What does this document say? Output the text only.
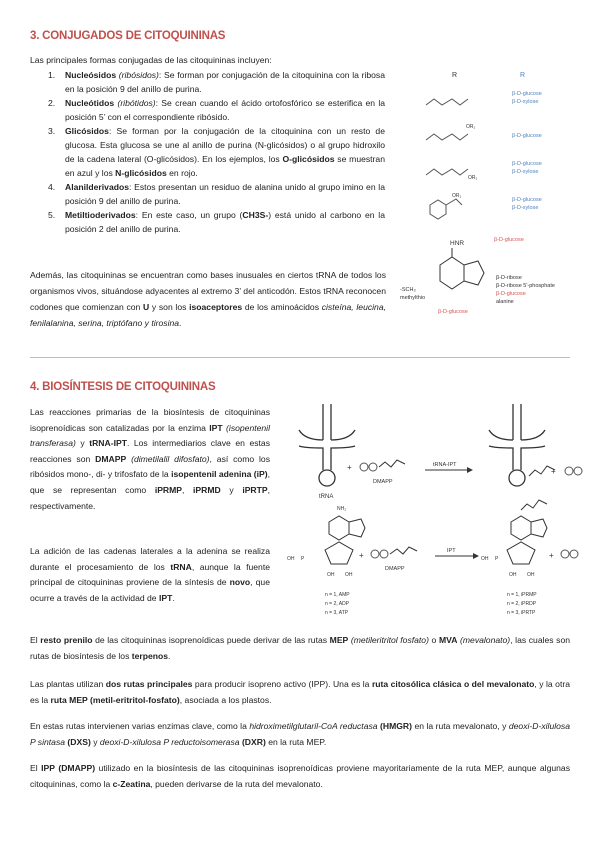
3. CONJUGADOS DE CITOQUININAS
Las principales formas conjugadas de las citoquininas incluyen:
1. Nucleósidos (ribósidos): Se forman por conjugación de la citoquinina con la ribosa en la posición 9 del anillo de purina.
2. Nucleótidos (ribótidos): Se crean cuando el ácido ortofosfórico se esterifica en la posición 5’ con el correspondiente ribósido.
3. Glicósidos: Se forman por la conjugación de la citoquinina con un resto de glucosa. Esta glucosa se une al anillo de purina (N-glicósidos) o al grupo hidroxilo de la cadena lateral (O-glicósidos). En los ejemplos, los O-glicósidos se muestran en azul y los N-glicósidos en rojo.
4. Alanilderivados: Estos presentan un residuo de alanina unido al grupo imino en la posición 9 del anillo de purina.
5. Metiltioderivados: En este caso, un grupo (CH3S-) está unido al carbono en la posición 2 del anillo de purina.

Además, las citoquininas se encuentran como bases inusuales en ciertos tRNA de todos los organismos vivos, situándose adyacentes al extremo 3’ del anticodón. Estos tRNA reconocen codones que comienzan con U y son los isoaceptores de los aminoácidos cisteína, leucina, fenilalanina, serina, triptófano y tirosina.

R	R
β-D-glucose
β-D-xylose
OR₁
β-D-glucose
OR₁
β-D-glucose
β-D-xylose
OR₁
β-D-glucose
β-D-xylose
HNR	β-D-glucose
-SCH₃
methylthio
β-D-ribose
β-D-ribose 5'-phosphate
β-D-glucose
alanine
β-D-glucose
4. BIOSÍNTESIS DE CITOQUININAS

Las reacciones primarias de la biosíntesis de citoquininas isoprenoídicas son catalizadas por la enzima IPT (isopentenil transferasa) y tRNA-IPT. Los intermediarios clave en estas reacciones son DMAPP (dimetilalil difosfato), así como los ribósidos mono-, di- y trifosfato de la isopentenil adenina (iP), que se representan como iPRMP, iPRMD y iPRTP, respectivamente.

La adición de las cadenas laterales a la adenina se realiza durante el procesamiento de los tRNA, aunque la fuente principal de citoquininas proviene de la síntesis de novo, que ocurre a través de la actividad de IPT.

tRNA
+
DMAPP
tRNA-IPT
+
NH₂
OH P
OH OH
+
DMAPP
IPT
n = 1, AMP
n = 2, ADP
n = 3, ATP
OH P
OH OH
+
n = 1, iPRMP
n = 2, iPRDP
n = 3, iPRTP

El resto prenilo de las citoquininas isoprenoídicas puede derivar de las rutas MEP (metileritritol fosfato) o MVA (mevalonato), las cuales son rutas de biosíntesis de los terpenos.

Las plantas utilizan dos rutas principales para producir isopreno activo (IPP). Una es la ruta citosólica clásica o del mevalonato, y la otra es la ruta MEP (metil-eritritol-fosfato), asociada a los plastos.

En estas rutas intervienen varias enzimas clave, como la hidroximetilglutaril-CoA reductasa (HMGR) en la ruta mevalonato, y deoxi-D-xilulosa P sintasa (DXS) y deoxi-D-xilulosa P reductoisomerasa (DXR) en la ruta MEP.

El IPP (DMAPP) utilizado en la biosíntesis de las citoquininas isoprenoídicas proviene mayoritariamente de la ruta MEP, aunque algunas citoquininas, como la c-Zeatina, pueden derivarse de la ruta del mevalonato.
